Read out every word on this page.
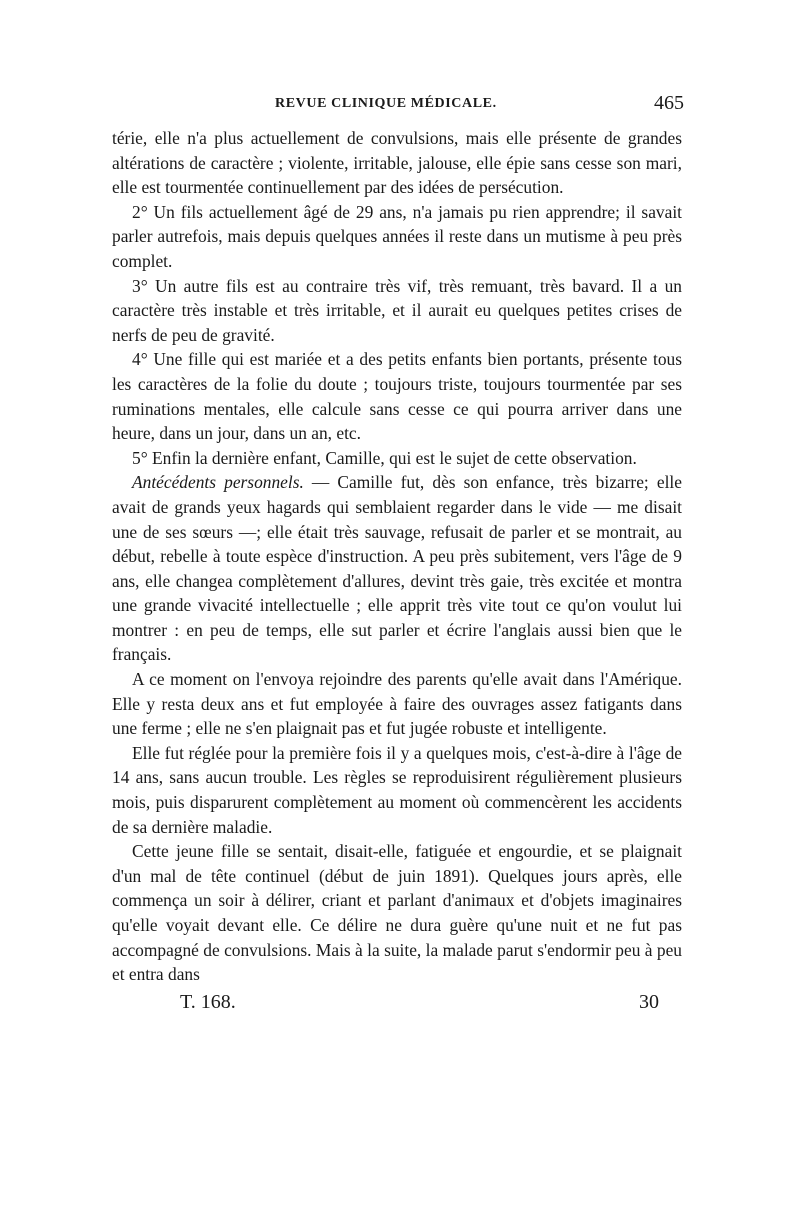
REVUE CLINIQUE MÉDICALE.	465

térie, elle n'a plus actuellement de convulsions, mais elle présente de grandes altérations de caractère ; violente, irritable, jalouse, elle épie sans cesse son mari, elle est tourmentée continuellement par des idées de persécution.

2° Un fils actuellement âgé de 29 ans, n'a jamais pu rien apprendre; il savait parler autrefois, mais depuis quelques années il reste dans un mutisme à peu près complet.

3° Un autre fils est au contraire très vif, très remuant, très bavard. Il a un caractère très instable et très irritable, et il aurait eu quelques petites crises de nerfs de peu de gravité.

4° Une fille qui est mariée et a des petits enfants bien portants, présente tous les caractères de la folie du doute ; toujours triste, toujours tourmentée par ses ruminations mentales, elle calcule sans cesse ce qui pourra arriver dans une heure, dans un jour, dans un an, etc.

5° Enfin la dernière enfant, Camille, qui est le sujet de cette observation.

Antécédents personnels. — Camille fut, dès son enfance, très bizarre; elle avait de grands yeux hagards qui semblaient regarder dans le vide — me disait une de ses sœurs —; elle était très sauvage, refusait de parler et se montrait, au début, rebelle à toute espèce d'instruction. A peu près subitement, vers l'âge de 9 ans, elle changea complètement d'allures, devint très gaie, très excitée et montra une grande vivacité intellectuelle ; elle apprit très vite tout ce qu'on voulut lui montrer : en peu de temps, elle sut parler et écrire l'anglais aussi bien que le français.

A ce moment on l'envoya rejoindre des parents qu'elle avait dans l'Amérique. Elle y resta deux ans et fut employée à faire des ouvrages assez fatigants dans une ferme ; elle ne s'en plaignait pas et fut jugée robuste et intelligente.

Elle fut réglée pour la première fois il y a quelques mois, c'est-à-dire à l'âge de 14 ans, sans aucun trouble. Les règles se reproduisirent régulièrement plusieurs mois, puis disparurent complètement au moment où commencèrent les accidents de sa dernière maladie.

Cette jeune fille se sentait, disait-elle, fatiguée et engourdie, et se plaignait d'un mal de tête continuel (début de juin 1891). Quelques jours après, elle commença un soir à délirer, criant et parlant d'animaux et d'objets imaginaires qu'elle voyait devant elle. Ce délire ne dura guère qu'une nuit et ne fut pas accompagné de convulsions. Mais à la suite, la malade parut s'endormir peu à peu et entra dans

T. 168.	30
